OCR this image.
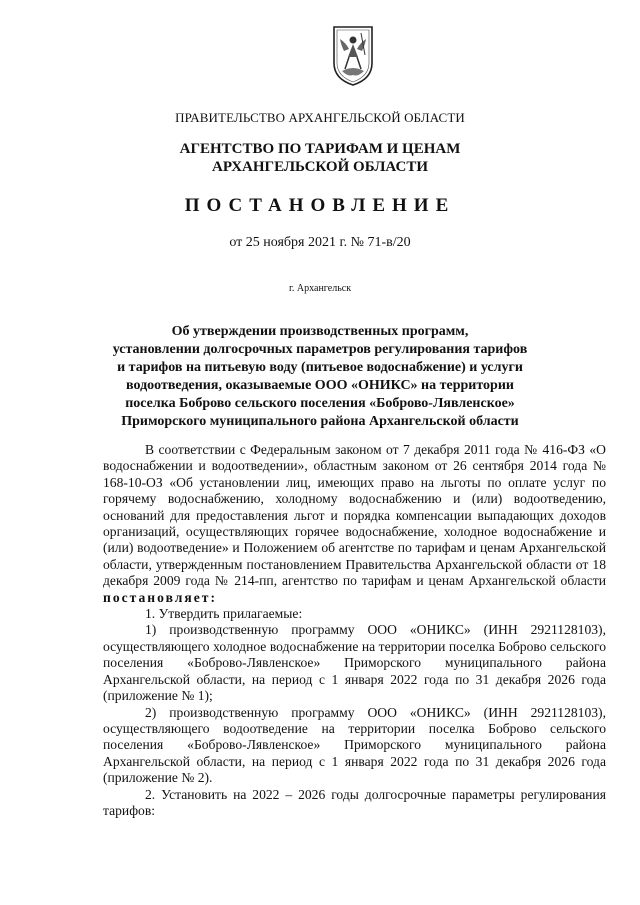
ПРАВИТЕЛЬСТВО АРХАНГЕЛЬСКОЙ ОБЛАСТИ
АГЕНТСТВО ПО ТАРИФАМ И ЦЕНАМ
АРХАНГЕЛЬСКОЙ ОБЛАСТИ
ПОСТАНОВЛЕНИЕ
от 25 ноября 2021 г. № 71-в/20
г. Архангельск
Об утверждении производственных программ,
установлении долгосрочных параметров регулирования тарифов
и тарифов на питьевую воду (питьевое водоснабжение) и услуги
водоотведения, оказываемые ООО «ОНИКС» на территории
поселка Боброво сельского поселения «Боброво-Лявленское»
Приморского муниципального района Архангельской области

В соответствии с Федеральным законом от 7 декабря 2011 года № 416-ФЗ «О водоснабжении и водоотведении», областным законом от 26 сентября 2014 года № 168-10-ОЗ «Об установлении лиц, имеющих право на льготы по оплате услуг по горячему водоснабжению, холодному водоснабжению и (или) водоотведению, оснований для предоставления льгот и порядка компенсации выпадающих доходов организаций, осуществляющих горячее водоснабжение, холодное водоснабжение и (или) водоотведение» и Положением об агентстве по тарифам и ценам Архангельской области, утвержденным постановлением Правительства Архангельской области от 18 декабря 2009 года № 214-пп, агентство по тарифам и ценам Архангельской области постановляет:

1. Утвердить прилагаемые:

1) производственную программу ООО «ОНИКС» (ИНН 2921128103), осуществляющего холодное водоснабжение на территории поселка Боброво сельского поселения «Боброво-Лявленское» Приморского муниципального района Архангельской области, на период с 1 января 2022 года по 31 декабря 2026 года (приложение № 1);

2) производственную программу ООО «ОНИКС» (ИНН 2921128103), осуществляющего водоотведение на территории поселка Боброво сельского поселения «Боброво-Лявленское» Приморского муниципального района Архангельской области, на период с 1 января 2022 года по 31 декабря 2026 года (приложение № 2).

2. Установить на 2022 – 2026 годы долгосрочные параметры регулирования тарифов:
